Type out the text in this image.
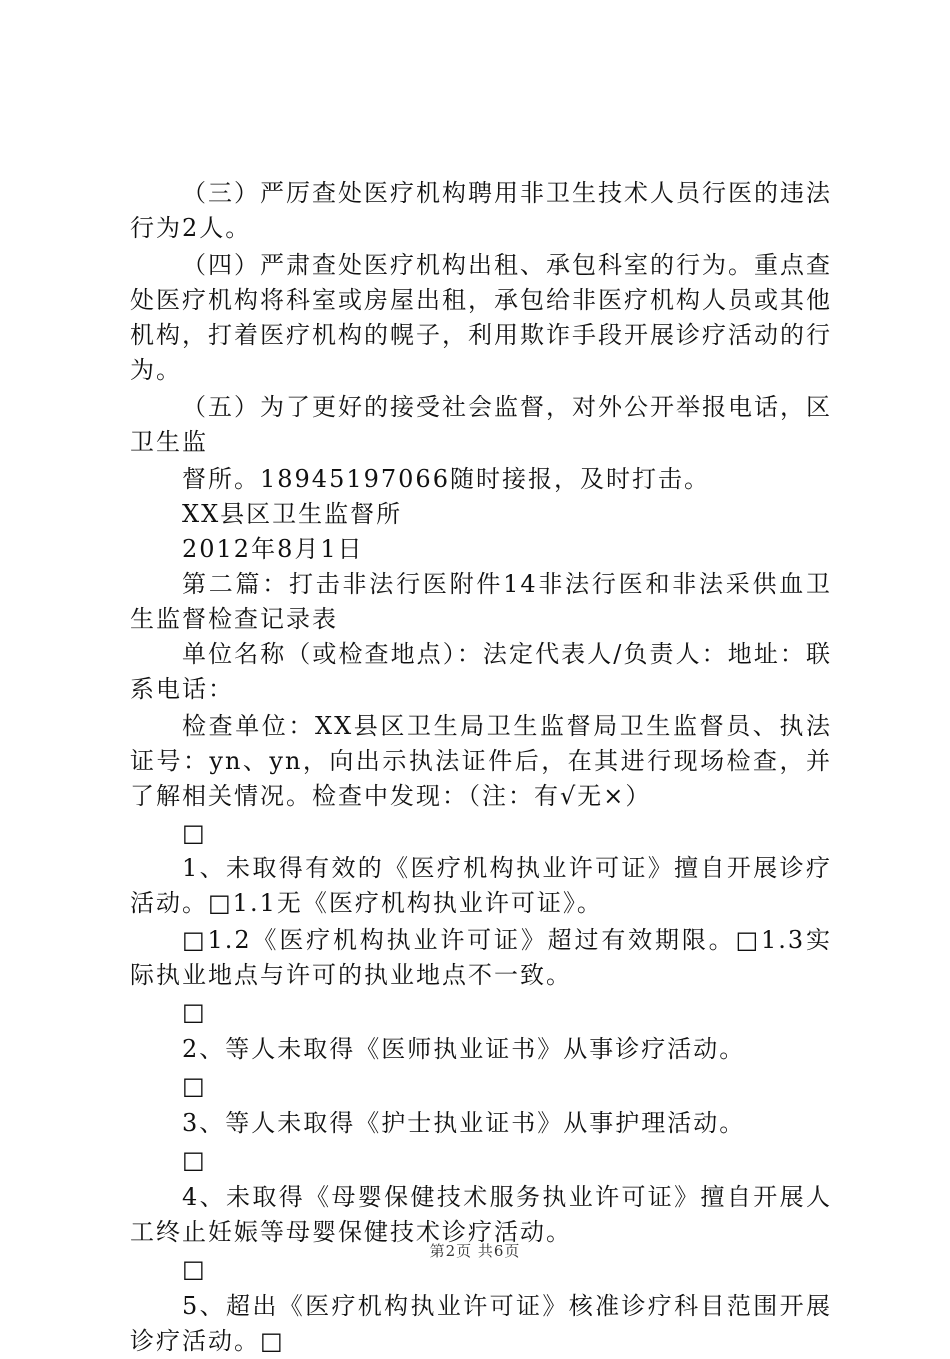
（三）严厉查处医疗机构聘用非卫生技术人员行医的违法行为2人。

（四）严肃查处医疗机构出租、承包科室的行为。重点查处医疗机构将科室或房屋出租，承包给非医疗机构人员或其他机构，打着医疗机构的幌子，利用欺诈手段开展诊疗活动的行为。

（五）为了更好的接受社会监督，对外公开举报电话，区卫生监

督所。18945197066随时接报，及时打击。

XX县区卫生监督所

2012年8月1日

第二篇：打击非法行医附件14非法行医和非法采供血卫生监督检查记录表

单位名称（或检查地点）：法定代表人/负责人：地址：联系电话：

检查单位：XX县区卫生局卫生监督局卫生监督员、执法证号：yn、yn，向出示执法证件后，在其进行现场检查，并了解相关情况。检查中发现：（注：有√无×）

□

1、未取得有效的《医疗机构执业许可证》擅自开展诊疗活动。□1.1无《医疗机构执业许可证》。

□1.2《医疗机构执业许可证》超过有效期限。□1.3实际执业地点与许可的执业地点不一致。

□

2、等人未取得《医师执业证书》从事诊疗活动。

□

3、等人未取得《护士执业证书》从事护理活动。

□

4、未取得《母婴保健技术服务执业许可证》擅自开展人工终止妊娠等母婴保健技术诊疗活动。

□

5、超出《医疗机构执业许可证》核准诊疗科目范围开展诊疗活动。□

第2页 共6页
